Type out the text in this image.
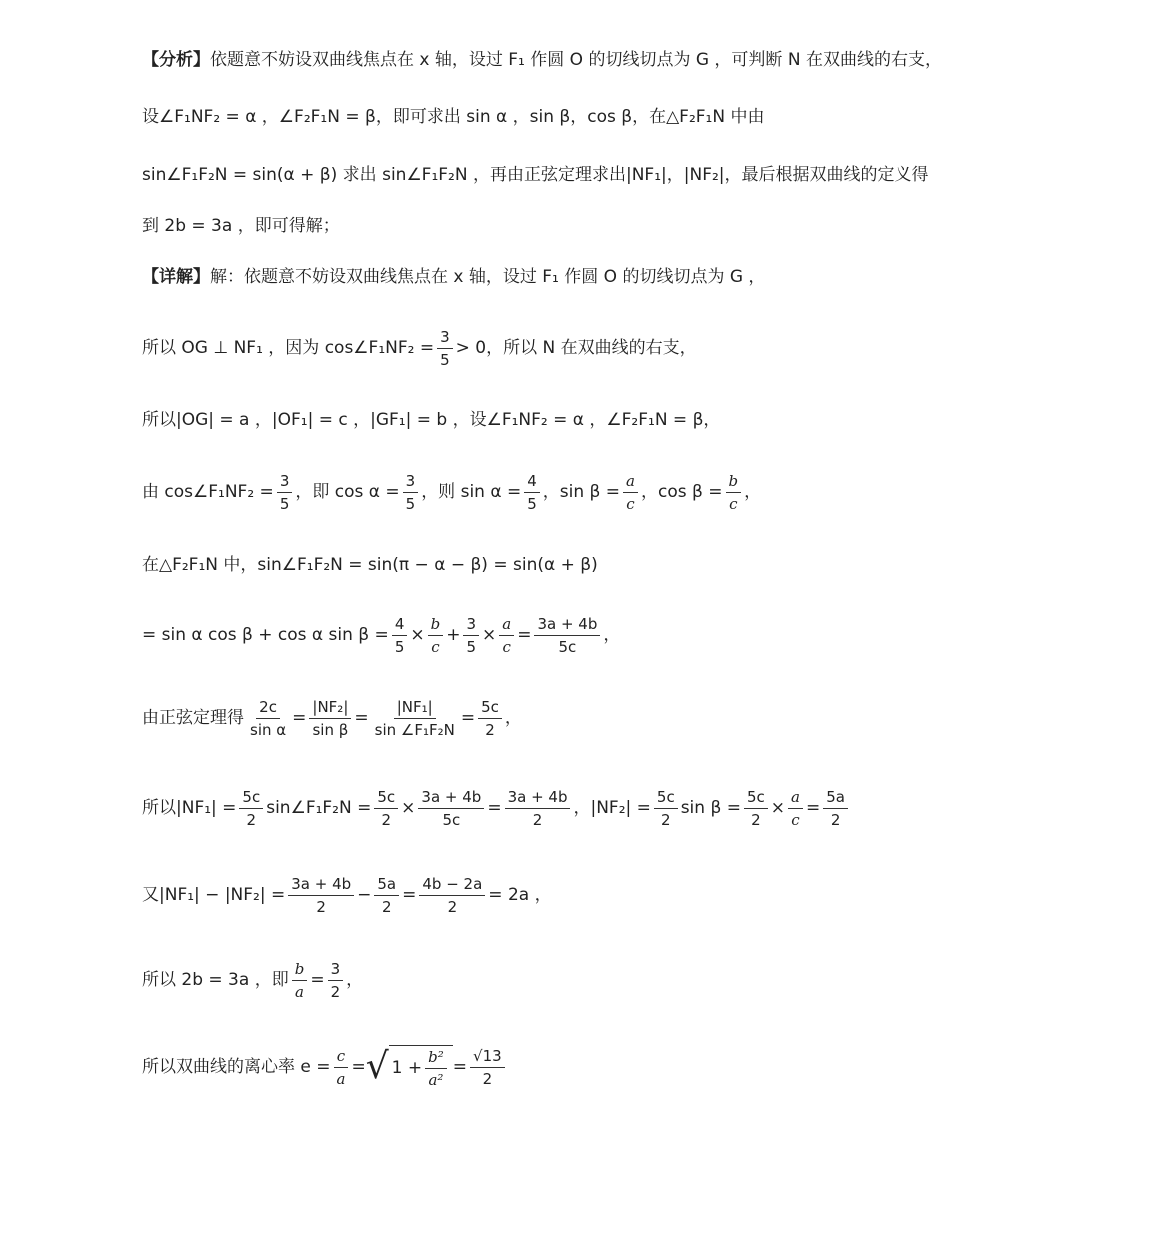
【分析】 依题意不妨设双曲线焦点在 x 轴，设过 F₁ 作圆 O 的切线切点为 G ，可判断 N 在双曲线的右支，
设∠F₁NF₂ = α ，∠F₂F₁N = β，即可求出 sin α ，sin β，cos β，在△F₂F₁N 中由
sin∠F₁F₂N = sin(α + β) 求出 sin∠F₁F₂N ，再由正弦定理求出|NF₁|，|NF₂|，最后根据双曲线的定义得
到 2b = 3a ，即可得解；
【详解】 解：依题意不妨设双曲线焦点在 x 轴，设过 F₁ 作圆 O 的切线切点为 G ，
所以 OG ⊥ NF₁ ，因为 cos∠F₁NF₂ = $\frac{3}{5} > 0$，所以 N 在双曲线的右支，
所以|OG| = a ，|OF₁| = c ，|GF₁| = b ，设∠F₁NF₂ = α ，∠F₂F₁N = β，
由 cos∠F₁NF₂ = $\frac{3}{5}$ ，即 $\cos \alpha = \frac{3}{5}$ ，则 $\sin \alpha = \frac{4}{5}$ ，$\sin \beta = \frac{a}{c}$ ，$\cos \beta = \frac{b}{c}$ ，
在△F₂F₁N 中，sin∠F₁F₂N = sin(π − α − β) = sin(α + β)
= sin α cos β + cos α $\sin \beta = \frac{4}{5} \times \frac{b}{c} + \frac{3}{5} \times \frac{a}{c} = \frac{3a + 4b}{5c}$ ，
由正弦定理得 $\frac{2c}{\text{sin α}} = \frac{\text{|NF₂|}}{\text{sin β}} = \frac{\text{|NF₁|}}{\text{sin ∠F₁F₂N}} = \frac{5c}{2}$ ，
所以$|NF_1| = \frac{5c}{2}$ sin∠F₁F₂N = $\frac{5c}{2} \times \frac{3a + 4b}{5c} = \frac{3a + 4b}{2}$ ，$|NF_2| = \frac{5c}{2}$ $\sin \beta = \frac{5c}{2} \times \frac{a}{c} = \frac{5a}{2}$
又$|NF_1| - |NF_2| = \frac{3a + 4b}{2} - \frac{5a}{2} = \frac{4b - 2a}{2} = 2a$ ，
所以 2b = 3a ，即 $\frac{b}{a} = \frac{3}{2}$ ，
所以双曲线的离心率 $e = \frac{c}{a}$ = √ $1 + \frac{\text{b²}}{\text{a²}} = \frac{√13}{2}$
